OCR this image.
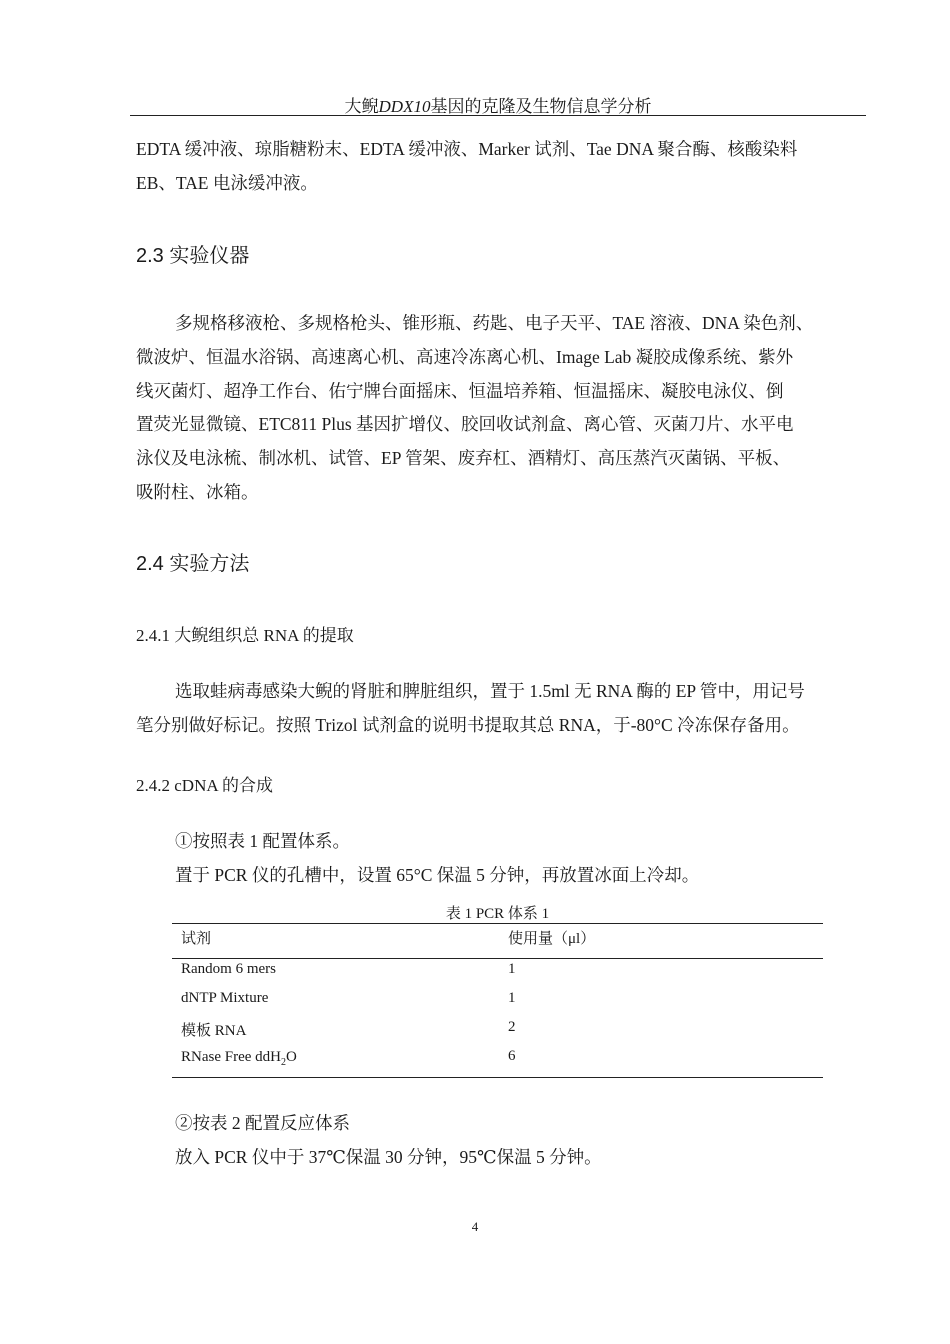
大鲵DDX10基因的克隆及生物信息学分析
EDTA 缓冲液、琼脂糖粉末、EDTA 缓冲液、Marker 试剂、Tae DNA 聚合酶、核酸染料
EB、TAE 电泳缓冲液。
2.3 实验仪器
多规格移液枪、多规格枪头、锥形瓶、药匙、电子天平、TAE 溶液、DNA 染色剂、
微波炉、恒温水浴锅、高速离心机、高速冷冻离心机、Image Lab 凝胶成像系统、紫外
线灭菌灯、超净工作台、佑宁牌台面摇床、恒温培养箱、恒温摇床、凝胶电泳仪、倒
置荧光显微镜、ETC811 Plus 基因扩增仪、胶回收试剂盒、离心管、灭菌刀片、水平电
泳仪及电泳梳、制冰机、试管、EP 管架、废弃杠、酒精灯、高压蒸汽灭菌锅、平板、
吸附柱、冰箱。
2.4 实验方法
2.4.1 大鲵组织总 RNA 的提取
选取蛙病毒感染大鲵的肾脏和脾脏组织，置于 1.5ml 无 RNA 酶的 EP 管中，用记号
笔分别做好标记。按照 Trizol 试剂盒的说明书提取其总 RNA，于-80°C 冷冻保存备用。
2.4.2 cDNA 的合成
①按照表 1 配置体系。
置于 PCR 仪的孔槽中，设置 65°C 保温 5 分钟，再放置冰面上冷却。
表 1 PCR 体系 1
试剂	使用量（μl）
Random 6 mers	1
dNTP Mixture	1
模板 RNA	2
RNase Free ddH$_2$O	6
②按表 2 配置反应体系
放入 PCR 仪中于 37℃保温 30 分钟，95℃保温 5 分钟。
4
